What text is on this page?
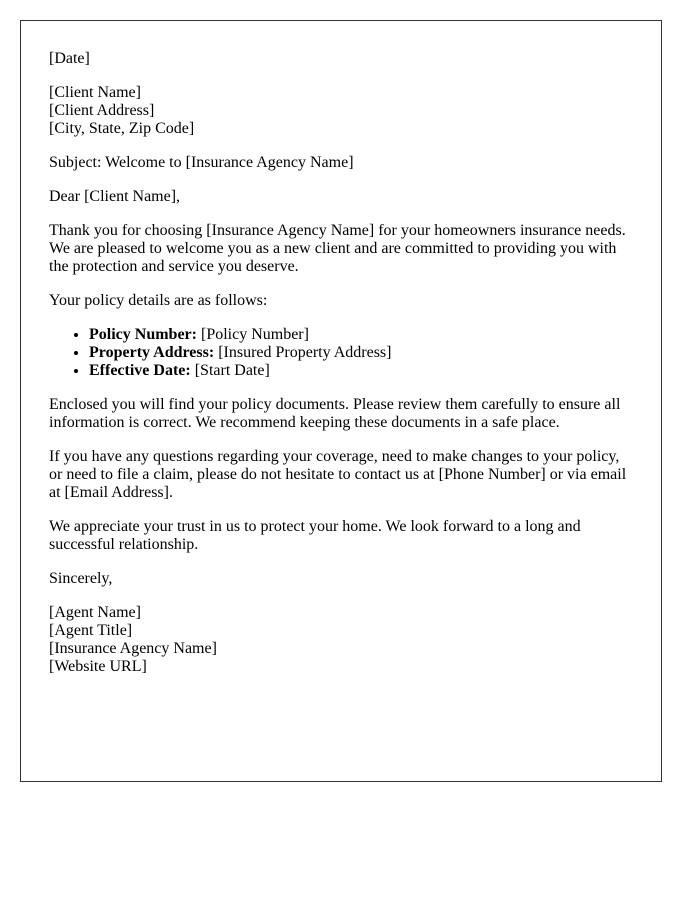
[Date]

[Client Name]
[Client Address]
[City, State, Zip Code]

Subject: Welcome to [Insurance Agency Name]

Dear [Client Name],

Thank you for choosing [Insurance Agency Name] for your homeowners insurance needs. We are pleased to welcome you as a new client and are committed to providing you with the protection and service you deserve.

Your policy details are as follows:

• Policy Number: [Policy Number]
• Property Address: [Insured Property Address]
• Effective Date: [Start Date]

Enclosed you will find your policy documents. Please review them carefully to ensure all information is correct. We recommend keeping these documents in a safe place.

If you have any questions regarding your coverage, need to make changes to your policy, or need to file a claim, please do not hesitate to contact us at [Phone Number] or via email at [Email Address].

We appreciate your trust in us to protect your home. We look forward to a long and successful relationship.

Sincerely,

[Agent Name]
[Agent Title]
[Insurance Agency Name]
[Website URL]
